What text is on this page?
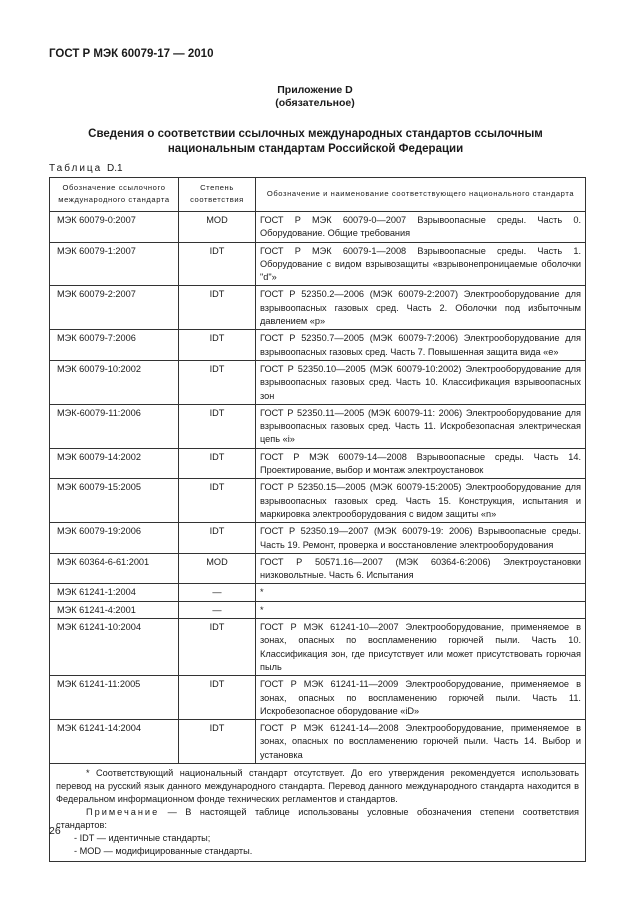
ГОСТ Р МЭК 60079-17 — 2010
Приложение D
(обязательное)
Сведения о соответствии ссылочных международных стандартов ссылочным национальным стандартам Российской Федерации
Таблица D.1
Обозначение ссылочного международного стандарта	Степень соответствия	Обозначение и наименование соответствующего национального стандарта
МЭК 60079-0:2007	MOD	ГОСТ Р МЭК 60079-0—2007 Взрывоопасные среды. Часть 0. Оборудование. Общие требования
МЭК 60079-1:2007	IDT	ГОСТ Р МЭК 60079-1—2008 Взрывоопасные среды. Часть 1. Оборудование с видом взрывозащиты «взрывонепроницаемые оболочки "d"»
МЭК 60079-2:2007	IDT	ГОСТ Р 52350.2—2006 (МЭК 60079-2:2007) Электрооборудование для взрывоопасных газовых сред. Часть 2. Оболочки под избыточным давлением «р»
МЭК 60079-7:2006	IDT	ГОСТ Р 52350.7—2005 (МЭК 60079-7:2006) Электрооборудование для взрывоопасных газовых сред. Часть 7. Повышенная защита вида «е»
МЭК 60079-10:2002	IDT	ГОСТ Р 52350.10—2005 (МЭК 60079-10:2002) Электрооборудование для взрывоопасных газовых сред. Часть 10. Классификация взрывоопасных зон
МЭК-60079-11:2006	IDT	ГОСТ Р 52350.11—2005 (МЭК 60079-11: 2006) Электрооборудование для взрывоопасных газовых сред. Часть 11. Искробезопасная электрическая цепь «i»
МЭК 60079-14:2002	IDT	ГОСТ Р МЭК 60079-14—2008 Взрывоопасные среды. Часть 14. Проектирование, выбор и монтаж электроустановок
МЭК 60079-15:2005	IDT	ГОСТ Р 52350.15—2005 (МЭК 60079-15:2005) Электрооборудование для взрывоопасных газовых сред. Часть 15. Конструкция, испытания и маркировка электрооборудования с видом защиты «n»
МЭК 60079-19:2006	IDT	ГОСТ Р 52350.19—2007 (МЭК 60079-19: 2006) Взрывоопасные среды. Часть 19. Ремонт, проверка и восстановление электрооборудования
МЭК 60364-6-61:2001	MOD	ГОСТ Р 50571.16—2007 (МЭК 60364-6:2006) Электроустановки низковольтные. Часть 6. Испытания
МЭК 61241-1:2004	—	*
МЭК 61241-4:2001	—	*
МЭК 61241-10:2004	IDT	ГОСТ Р МЭК 61241-10—2007 Электрооборудование, применяемое в зонах, опасных по воспламенению горючей пыли. Часть 10. Классификация зон, где присутствует или может присутствовать горючая пыль
МЭК 61241-11:2005	IDT	ГОСТ Р МЭК 61241-11—2009 Электрооборудование, применяемое в зонах, опасных по воспламенению горючей пыли. Часть 11. Искробезопасное оборудование «iD»
МЭК 61241-14:2004	IDT	ГОСТ Р МЭК 61241-14—2008 Электрооборудование, применяемое в зонах, опасных по воспламенению горючей пыли. Часть 14. Выбор и установка

* Соответствующий национальный стандарт отсутствует. До его утверждения рекомендуется использовать перевод на русский язык данного международного стандарта. Перевод данного международного стандарта находится в Федеральном информационном фонде технических регламентов и стандартов.

Примечание — В настоящей таблице использованы условные обозначения степени соответствия стандартов:

- IDT — идентичные стандарты;

- MOD — модифицированные стандарты.		

26
